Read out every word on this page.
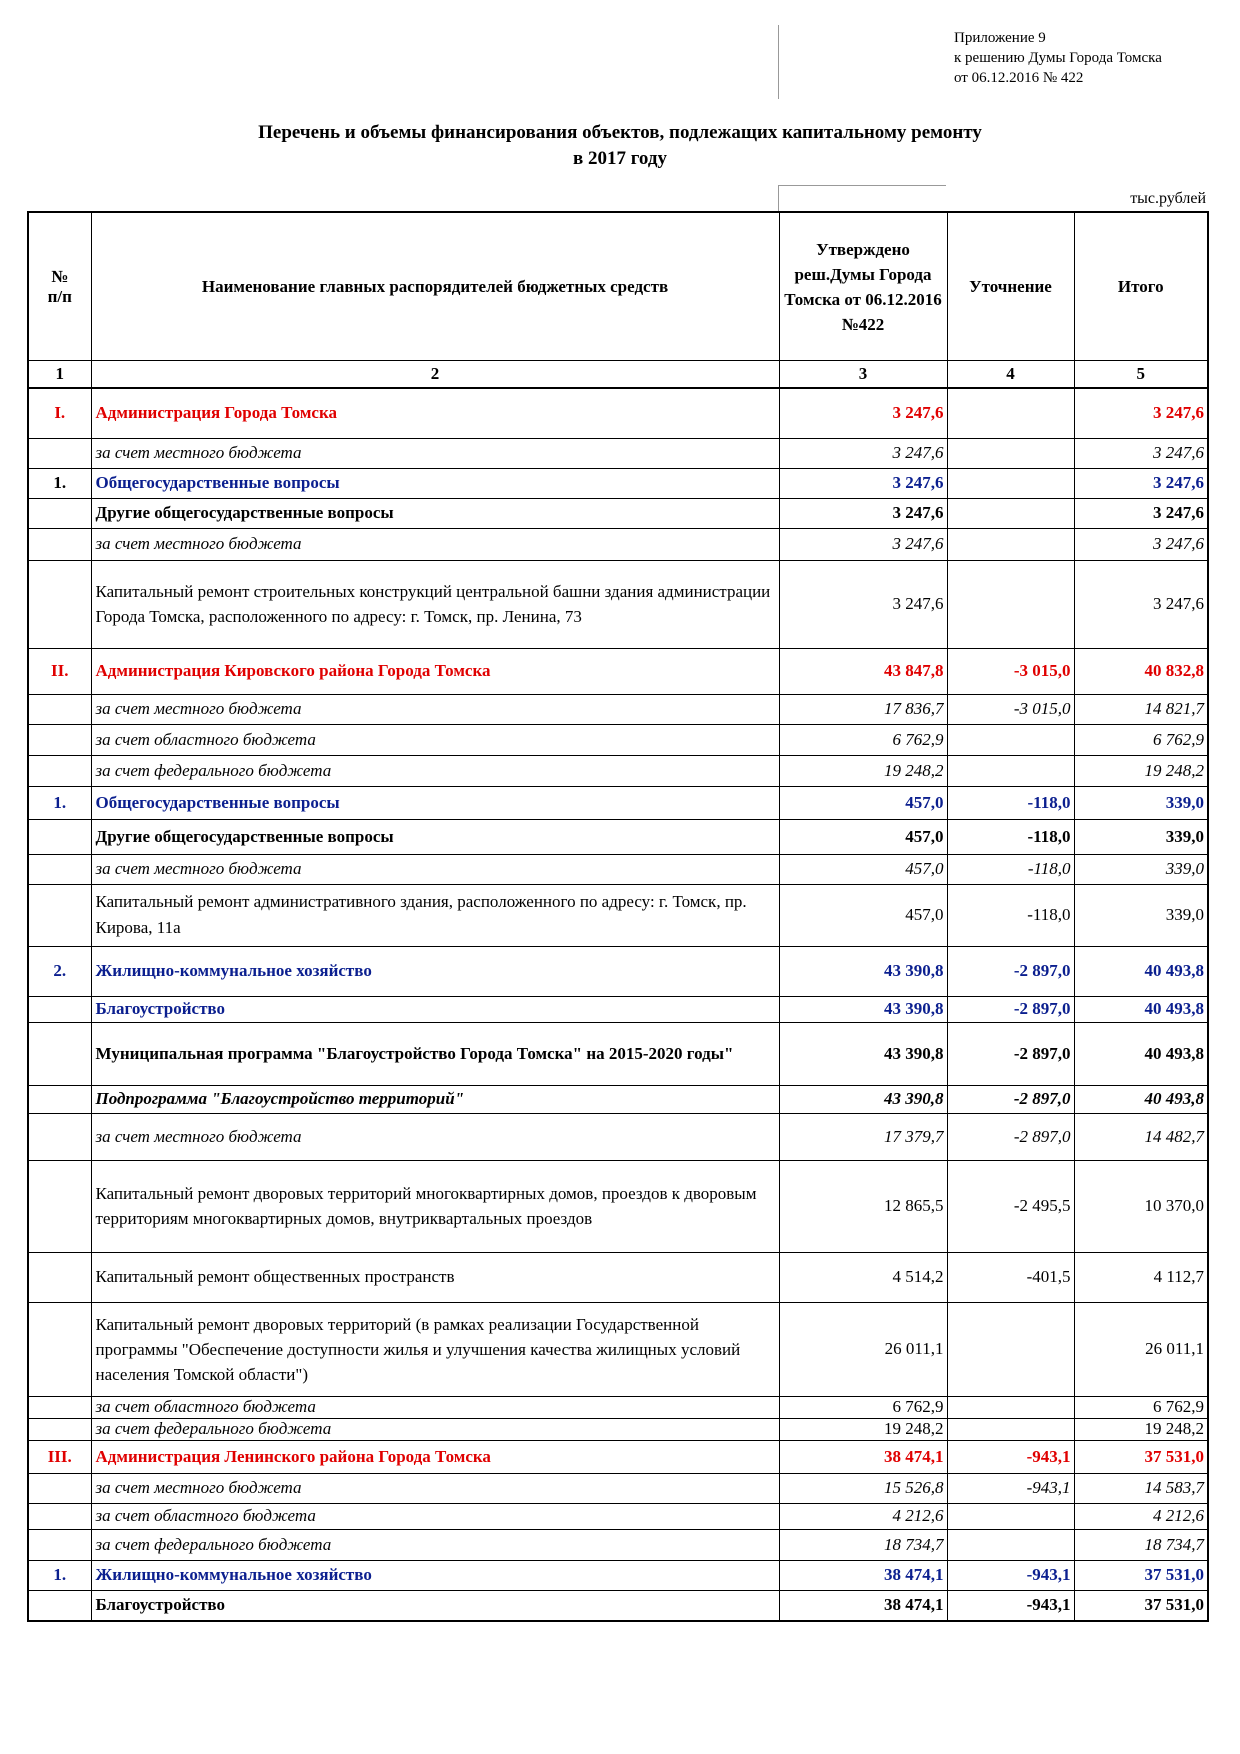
Приложение 9
к решению Думы Города Томска
от 06.12.2016 № 422
Перечень и объемы финансирования объектов, подлежащих капитальному ремонту
в 2017 году
тыс.рублей
№ п/п	Наименование главных распорядителей бюджетных средств	Утверждено реш.Думы Города Томска от 06.12.2016 №422	Уточнение	Итого
1	2	3	4	5
I.	Администрация Города Томска	3 247,6		3 247,6
	за счет местного бюджета	3 247,6		3 247,6
1.	Общегосударственные вопросы	3 247,6		3 247,6
	Другие общегосударственные вопросы	3 247,6		3 247,6
	за счет местного бюджета	3 247,6		3 247,6
	Капитальный ремонт строительных конструкций центральной башни здания администрации Города Томска, расположенного по адресу: г. Томск, пр. Ленина, 73	3 247,6		3 247,6
II.	Администрация Кировского района Города Томска	43 847,8	-3 015,0	40 832,8
	за счет местного бюджета	17 836,7	-3 015,0	14 821,7
	за счет областного бюджета	6 762,9		6 762,9
	за счет федерального бюджета	19 248,2		19 248,2
1.	Общегосударственные вопросы	457,0	-118,0	339,0
	Другие общегосударственные вопросы	457,0	-118,0	339,0
	за счет местного бюджета	457,0	-118,0	339,0
	Капитальный ремонт административного здания, расположенного по адресу: г. Томск, пр. Кирова, 11а	457,0	-118,0	339,0
2.	Жилищно-коммунальное хозяйство	43 390,8	-2 897,0	40 493,8
	Благоустройство	43 390,8	-2 897,0	40 493,8
	Муниципальная программа "Благоустройство Города Томска" на 2015-2020 годы"	43 390,8	-2 897,0	40 493,8
	Подпрограмма "Благоустройство территорий"	43 390,8	-2 897,0	40 493,8
	за счет местного бюджета	17 379,7	-2 897,0	14 482,7
	Капитальный ремонт дворовых территорий многоквартирных домов, проездов к дворовым территориям многоквартирных домов, внутриквартальных проездов	12 865,5	-2 495,5	10 370,0
	Капитальный ремонт общественных пространств	4 514,2	-401,5	4 112,7
	Капитальный ремонт дворовых территорий (в рамках реализации Государственной программы "Обеспечение доступности жилья и улучшения качества жилищных условий населения Томской области")	26 011,1		26 011,1
	за счет областного бюджета	6 762,9		6 762,9
	за счет федерального бюджета	19 248,2		19 248,2
III.	Администрация Ленинского района Города Томска	38 474,1	-943,1	37 531,0
	за счет местного бюджета	15 526,8	-943,1	14 583,7
	за счет областного бюджета	4 212,6		4 212,6
	за счет федерального бюджета	18 734,7		18 734,7
1.	Жилищно-коммунальное хозяйство	38 474,1	-943,1	37 531,0
	Благоустройство	38 474,1	-943,1	37 531,0
